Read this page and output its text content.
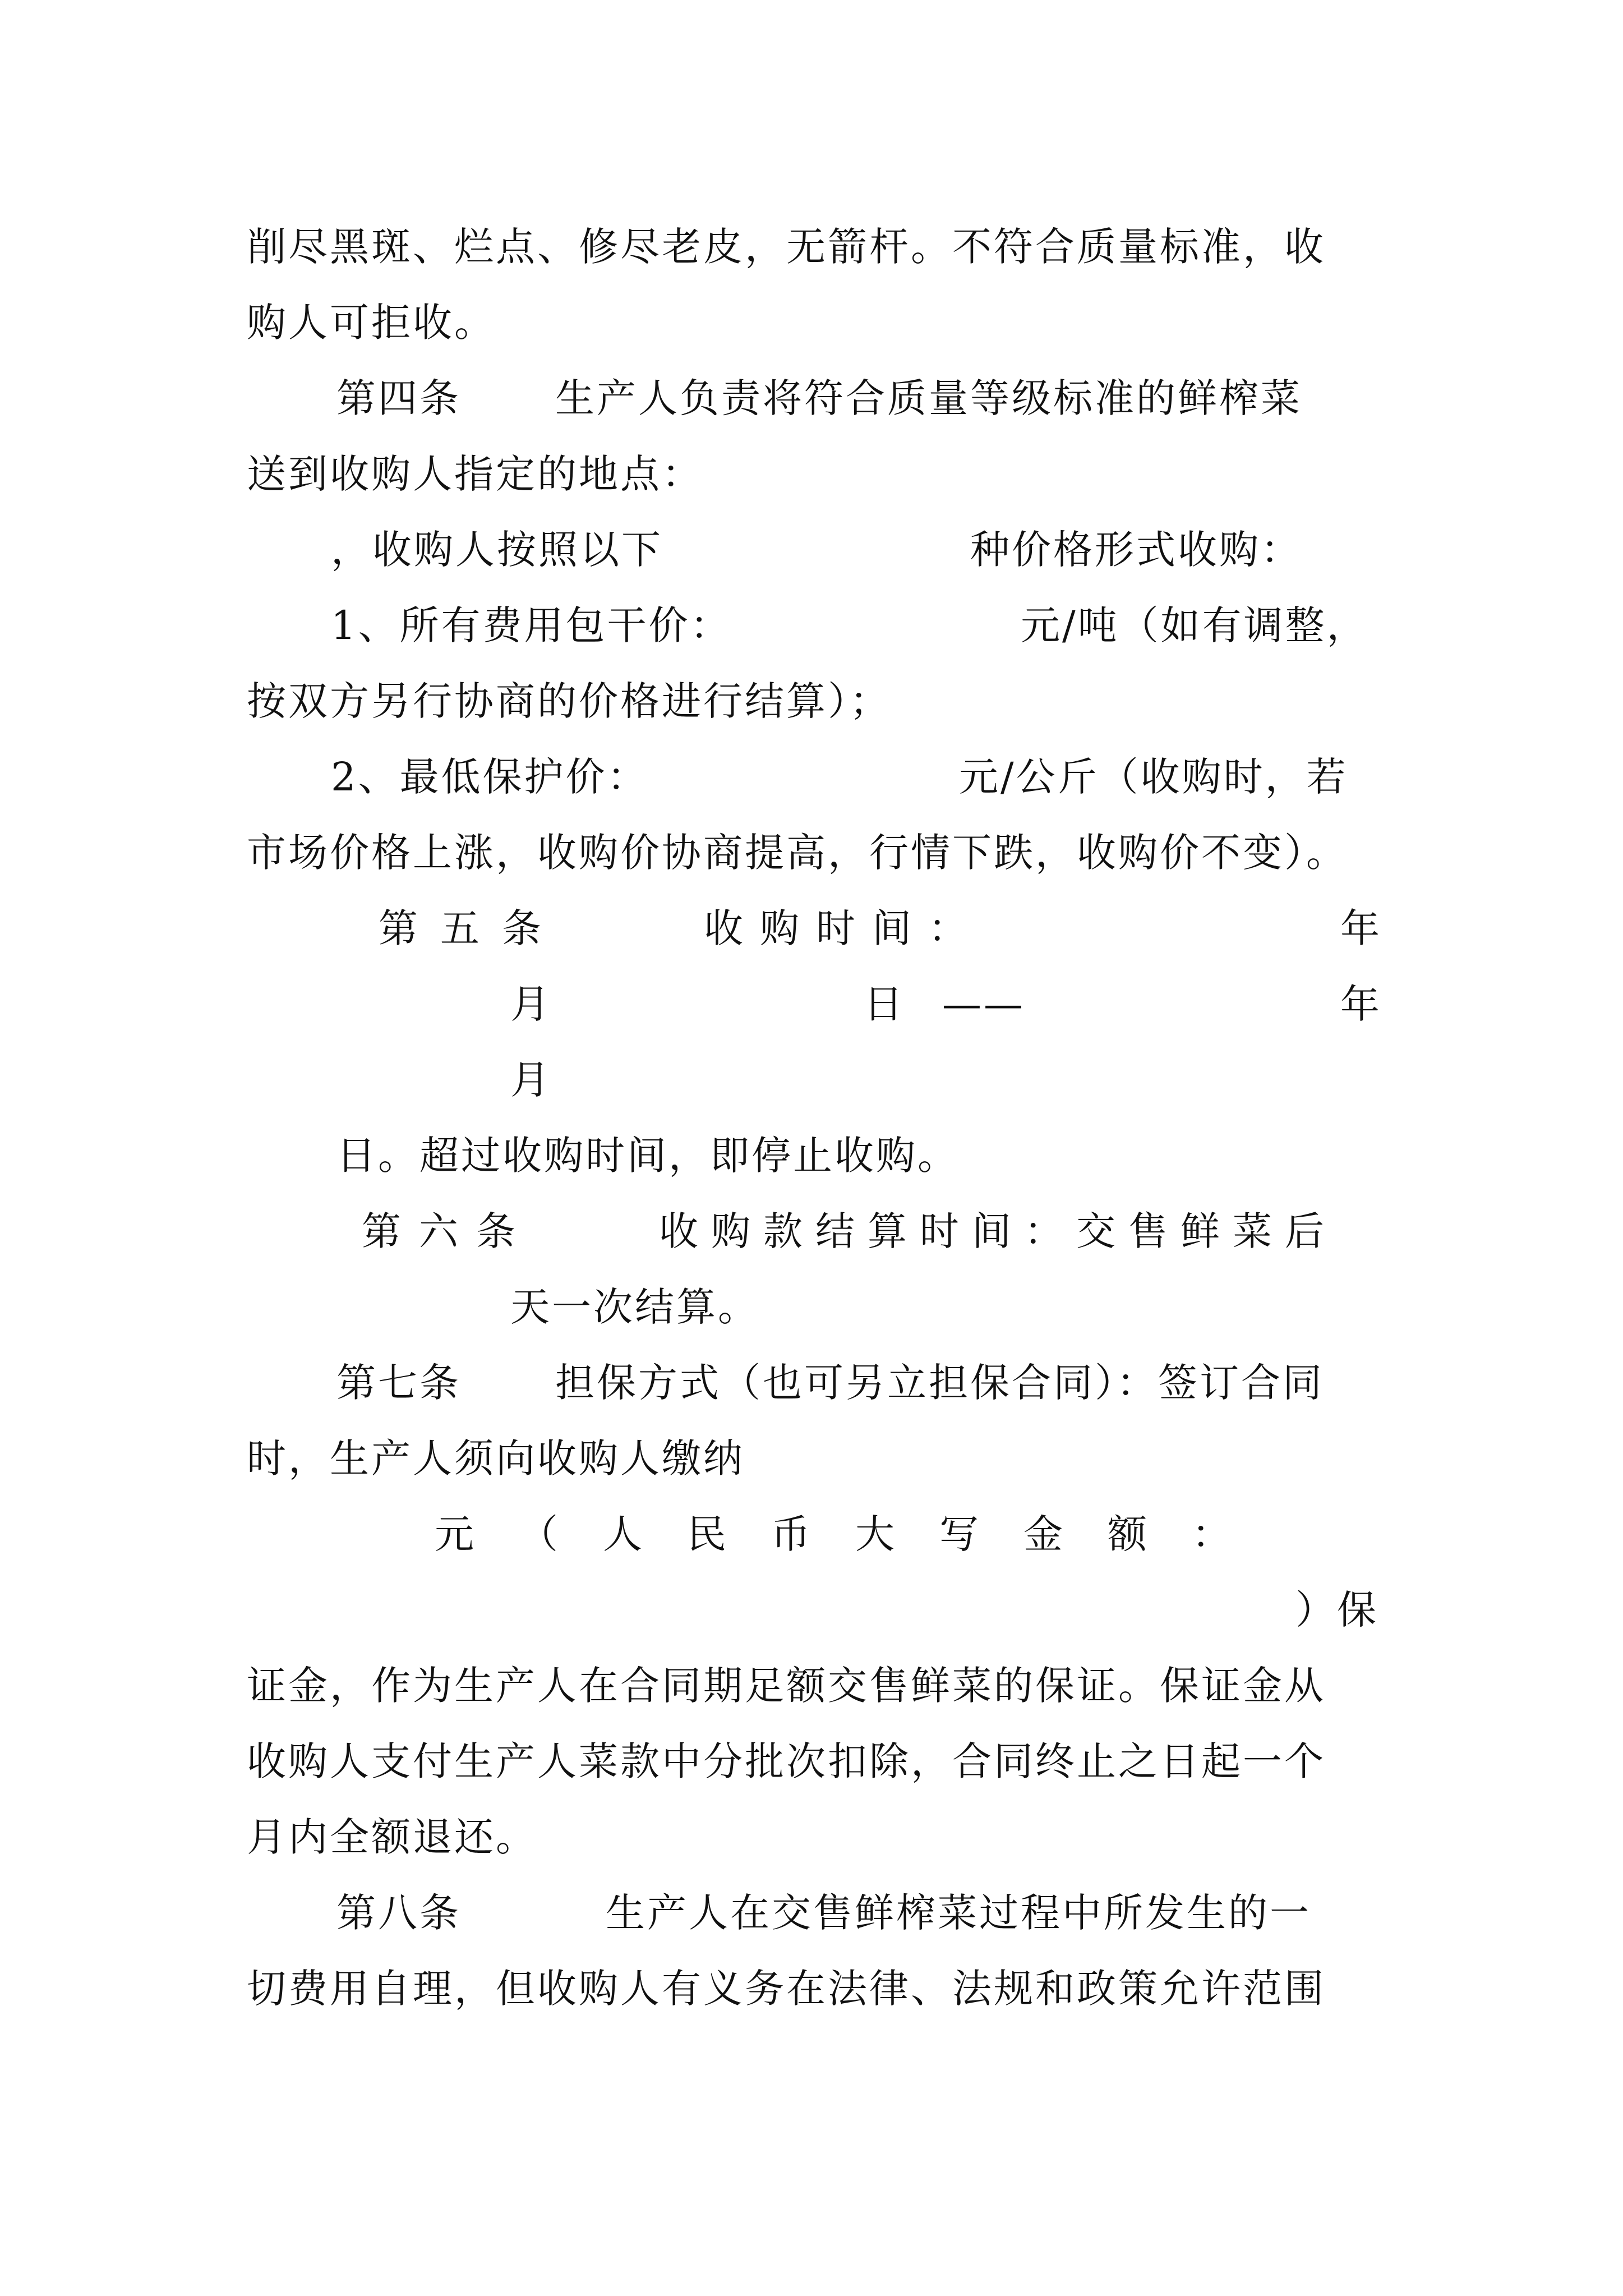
削尽黑斑、烂点、修尽老皮，无箭杆。不符合质量标准，收
购人可拒收。
第四条 生产人负责将符合质量等级标准的鲜榨菜
送到收购人指定的地点：
，收购人按照以下	种价格形式收购：
1、所有费用包干价：	元/吨（如有调整，
按双方另行协商的价格进行结算）；
2、最低保护价：	元/公斤（收购时，若
市场价格上涨，收购价协商提高，行情下跌，收购价不变）。
第五条	收购时间：	年
月	日 ——	年
月
日。超过收购时间，即停止收购。
第六条	收购款结算时间：交售鲜菜后
天一次结算。
第七条 担保方式（也可另立担保合同）：签订合同
时，生产人须向收购人缴纳
元（人民币大写金额：
）保
证金，作为生产人在合同期足额交售鲜菜的保证。保证金从
收购人支付生产人菜款中分批次扣除，合同终止之日起一个
月内全额退还。
第八条	生产人在交售鲜榨菜过程中所发生的一
切费用自理，但收购人有义务在法律、法规和政策允许范围
